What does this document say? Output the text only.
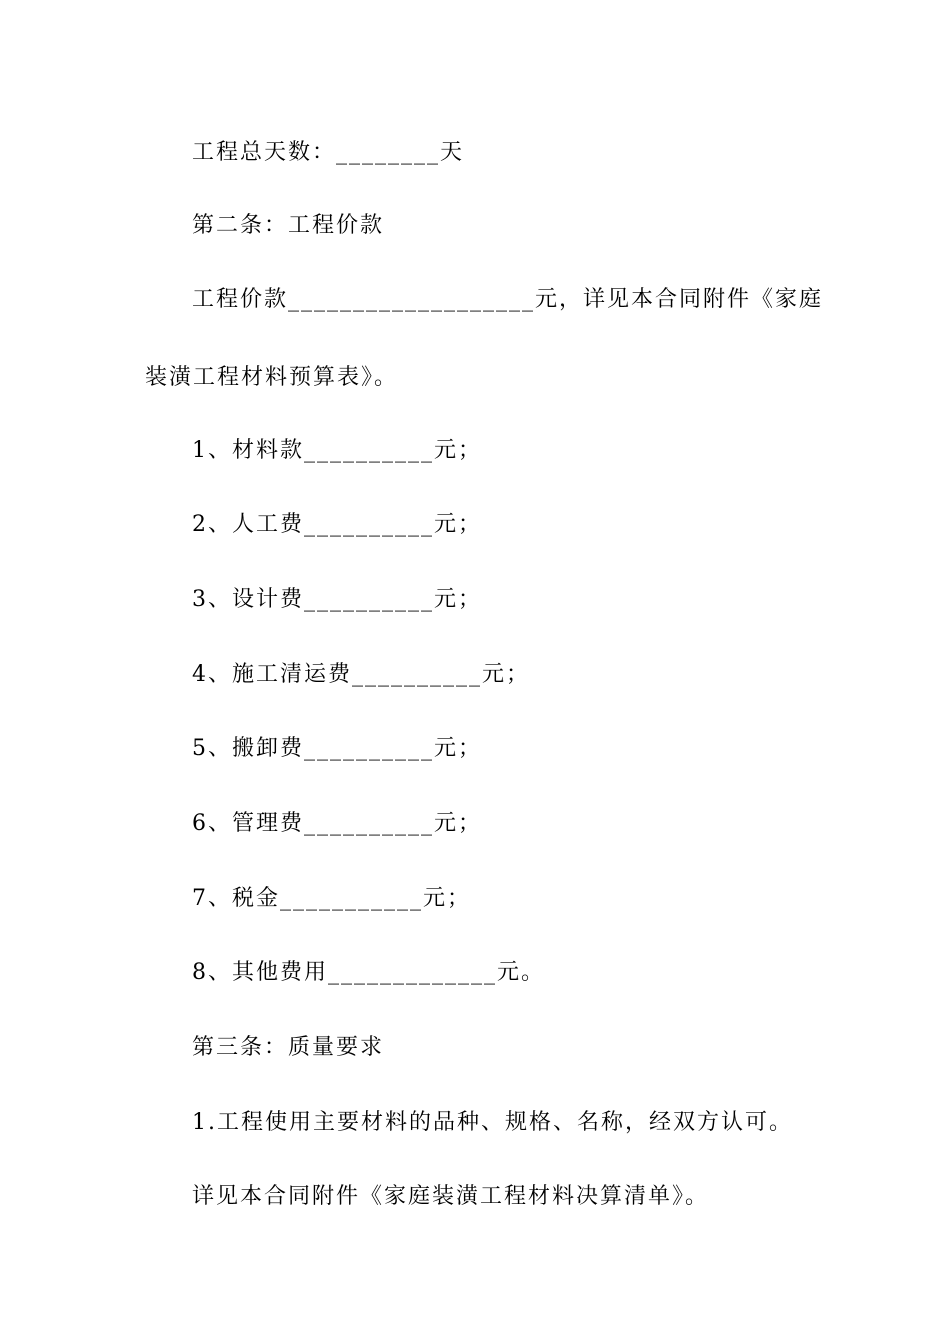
工程总天数：________天
第二条：工程价款
工程价款___________________元，详见本合同附件《家庭
装潢工程材料预算表》。
1、材料款__________元；
2、人工费__________元；
3、设计费__________元；
4、施工清运费__________元；
5、搬卸费__________元；
6、管理费__________元；
7、税金___________元；
8、其他费用_____________元。
第三条：质量要求
1.工程使用主要材料的品种、规格、名称，经双方认可。
详见本合同附件《家庭装潢工程材料决算清单》。
